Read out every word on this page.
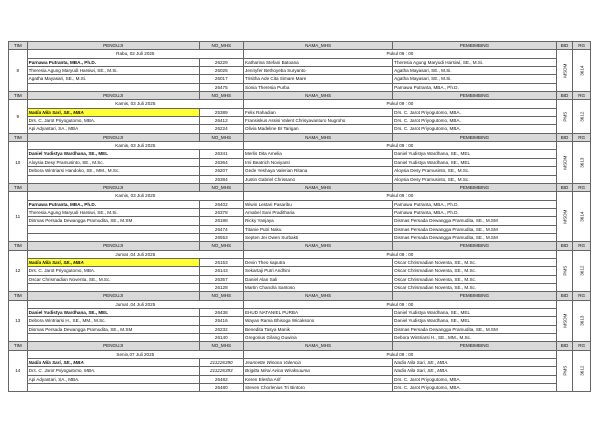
TIM	PENGUJI	NO_MHS	NAMA_MHS	PEMBIMBING	BID	RG
8	Rabu, 02 Juli 2025		Pukul 09 : 00		MSDM	3614
	Parnawa Putranta, MBA., Ph.D.	26229	Katharina Stefani Batoana	Theresia Agung Maryudi Harsiwi, SE., M.Si.		
	Theresia Agung Maryudi Harsiwi, SE., M.Si.	26025	Jennyfer Bethoyeba Suryanto	Agatha Mayasari, SE., M.Si.		
	Agatha Mayasari, SE., M.Si.	26017	Trisitha Ade Cita Simare Mare	Agatha Mayasari, SE., M.Si.		
		26475	Sonia Theresia Purba	Parnawa Putranta, MBA., Ph.D.		
TIM	PENGUJI	NO_MHS	NAMA_MHS	PEMBIMBING	BID	RG
9	Kamis, 03 Juli 2025		Pukul 09 : 00		PMS	3612
	Nadia Nila Sari, SE., MBA	25389	Felix Rahadian	Drs. C. Jarot Priyogutomo, MBA.		
	Drs. C. Jarot Priyogutomo, MBA.	26412	Fransiskus Assisi Valent Chrisyavanturo Nugroho	Drs. C. Jarot Priyogutomo, MBA.		
	Api Adyantari, SA., MBA	26224	Olivia Madeline Br Tarigan	Drs. C. Jarot Priyogutomo, MBA.		
TIM	PENGUJI	NO_MHS	NAMA_MHS	PEMBIMBING	BID	RG
10	Kamis, 03 Juli 2025		Pukul 09 : 00		MSDM	3613
	Daniel Yudistya Wardhana, SE., MEL	26341	Merlis Dita Amelia	Daniel Yudistya Wardhana, SE., MEL		
	Aloysia Desy Pramusinto, SE., M.Sc.	26364	Irni Beatrich Noviyanti	Daniel Yudistya Wardhana, SE., MEL		
	Debora Wintriarsi Handoko, SE., MM., M.Sc.	26207	Gede Yeshaya Valerian Ritana	Aloysia Desy Pramusinto, SE., M.Sc.		
		26384	Justin Gabriel Chrissano	Aloysia Desy Pramusinto, SE., M.Sc.		
TIM	PENGUJI	NO_MHS	NAMA_MHS	PEMBIMBING	BID	RG
11	Kamis, 03 Juli 2025		Pukul 09 : 00		MSDM	3614
	Parnawa Putranta, MBA., Ph.D.	26402	Wiwin Lestari Pasaribu	Parnawa Putranta, MBA., Ph.D.		
	Theresia Agung Maryudi Harsiwi, SE., M.Si.	26378	Amabel Sani Praditharia	Parnawa Putranta, MBA., Ph.D.		
	Dismas Persada Dewangga Pramudita, SE., M.SM	26188	Ricky Yanjaya	Dismas Persada Dewangga Pramudita, SE., M.SM		
		26474	Titanie Putri Naku	Dismas Persada Dewangga Pramudita, SE., M.SM		
		26553	Septen Jei Owen Surbakti	Dismas Persada Dewangga Pramudita, SE., M.SM		
TIM	PENGUJI	NO_MHS	NAMA_MHS	PEMBIMBING	BID	RG
12	Jumat ,04 Juli 2025		Pukul 09 : 00		PMS	3612
	Nadia Nila Sari, SE., MBA	26153	Devin Theo saputra	Oscar Chrismadian Noventa, SE., M.Sc.		
	Drs. C. Jarot Priyogutomo, MBA.	26143	Sekartaji Putri Andhini	Oscar Chrismadian Noventa, SE., M.Sc.		
	Oscar Chrismadian Noventa, SE., M.Sc.	26357	Daniel Alan Sali	Oscar Chrismadian Noventa, SE., M.Sc.		
		26128	Martin Chandra Santoso	Oscar Chrismadian Noventa, SE., M.Sc.		
TIM	PENGUJI	NO_MHS	NAMA_MHS	PEMBIMBING	BID	RG
13	Jumat ,04 Juli 2025		Pukul 09 : 00		MSDM	3613
	Daniel Yudistya Wardhana, SE., MEL	26438	EHUD NATANIEL PURBA	Daniel Yudistya Wardhana, SE., MEL		
	Debora Wintriarsi H., SE., MM., M.Sc.	26416	Wayan Rama Bhisoga Wicaksono	Daniel Yudistya Wardhana, SE., MEL		
	Dismas Persada Dewangga Pramudita, SE., M.SM	26232	Benedita Tasya Manik	Dismas Persada Dewangga Pramudita, SE., M.SM		
		26140	Gregorius Gilang Guwina	Debora Wintriarsi H., SE., MM., M.Sc.		
TIM	PENGUJI	NO_MHS	NAMA_MHS	PEMBIMBING	BID	RG
14	Senin,07 Juli 2025		Pukul 09 : 00		PMS	3612
	Nadia Nila Sari, SE., MBA	211226390	Jeannette Winona Valencia	Nadia Nila Sari, SE., MBA.		
	Drs. C. Jarot Priyogutomo, MBA.	211226393	Brigitta Mirai Avina Wiraksuuma	Nadia Nila Sari, SE., MBA.		
	Api Adyantari, SA., MBA.	26482	Keren Elesha Arif	Drs. C. Jarot Priyogutomo, MBA.		
		26480	Steven Chorlenius Tri Bintoro	Drs. C. Jarot Priyogutomo, MBA.		
